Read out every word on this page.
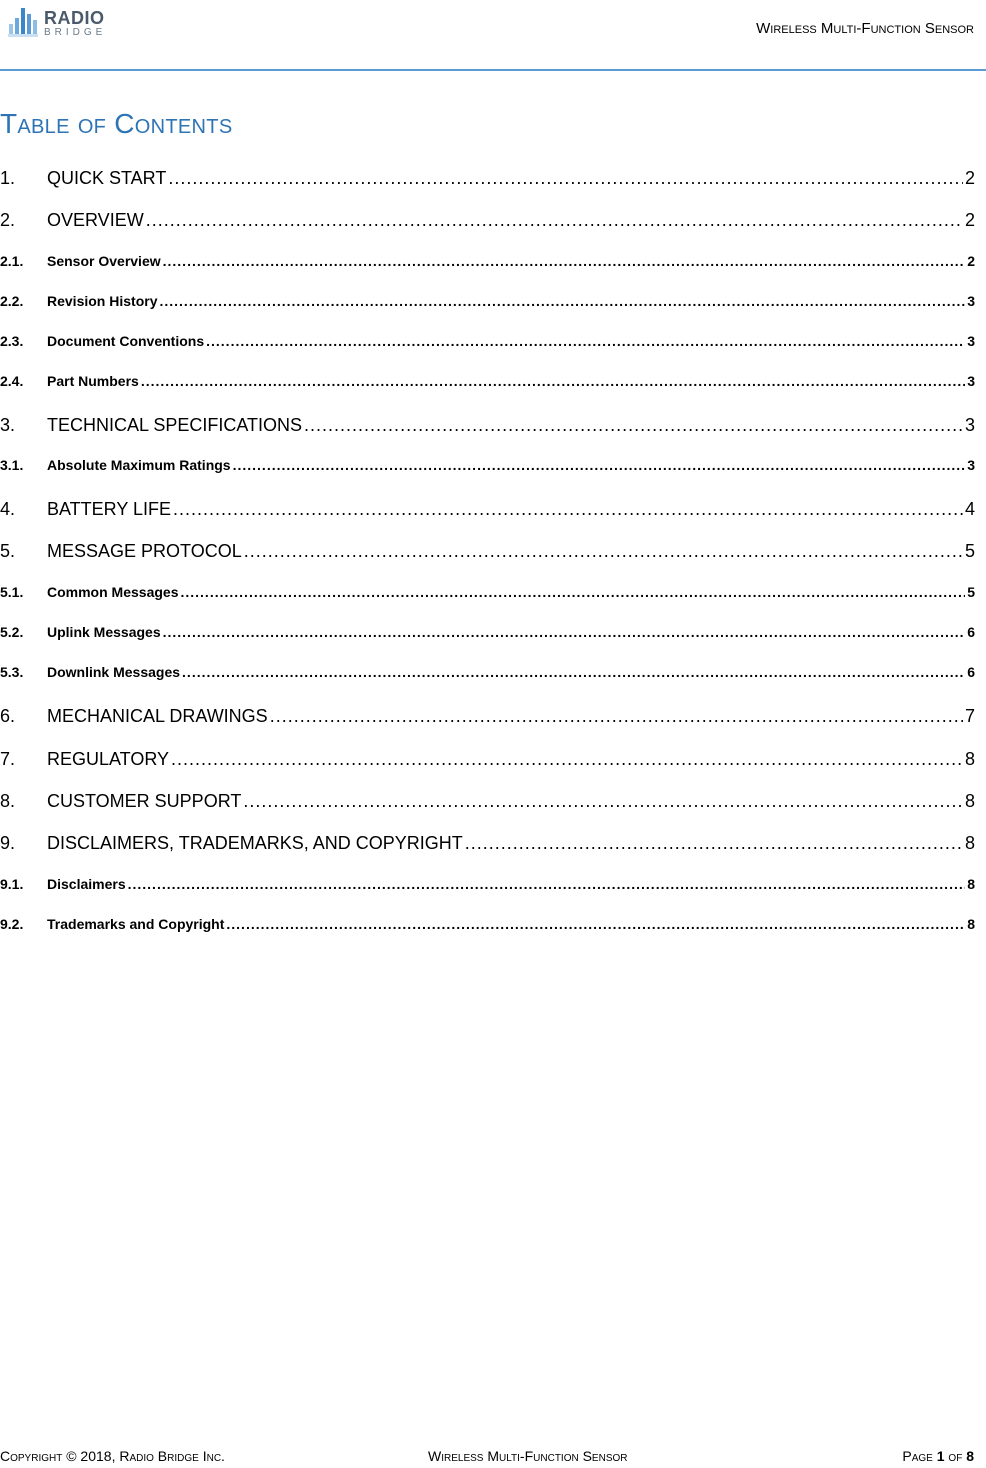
RADIO
BRIDGE	Wireless Multi-Function Sensor
Table of Contents
1.	QUICK START .....	2
2.	OVERVIEW .....	2
2.1.	Sensor Overview .....	2
2.2.	Revision History .....	3
2.3.	Document Conventions .....	3
2.4.	Part Numbers .....	3
3.	TECHNICAL SPECIFICATIONS .....	3
3.1.	Absolute Maximum Ratings .....	3
4.	BATTERY LIFE .....	4
5.	MESSAGE PROTOCOL .....	5
5.1.	Common Messages .....	5
5.2.	Uplink Messages .....	6
5.3.	Downlink Messages .....	6
6.	MECHANICAL DRAWINGS .....	7
7.	REGULATORY .....	8
8.	CUSTOMER SUPPORT .....	8
9.	DISCLAIMERS, TRADEMARKS, AND COPYRIGHT .....	8
9.1.	Disclaimers .....	8
9.2.	Trademarks and Copyright .....	8
Copyright © 2018, Radio Bridge Inc.	Wireless Multi-Function Sensor	Page 1 of 8
